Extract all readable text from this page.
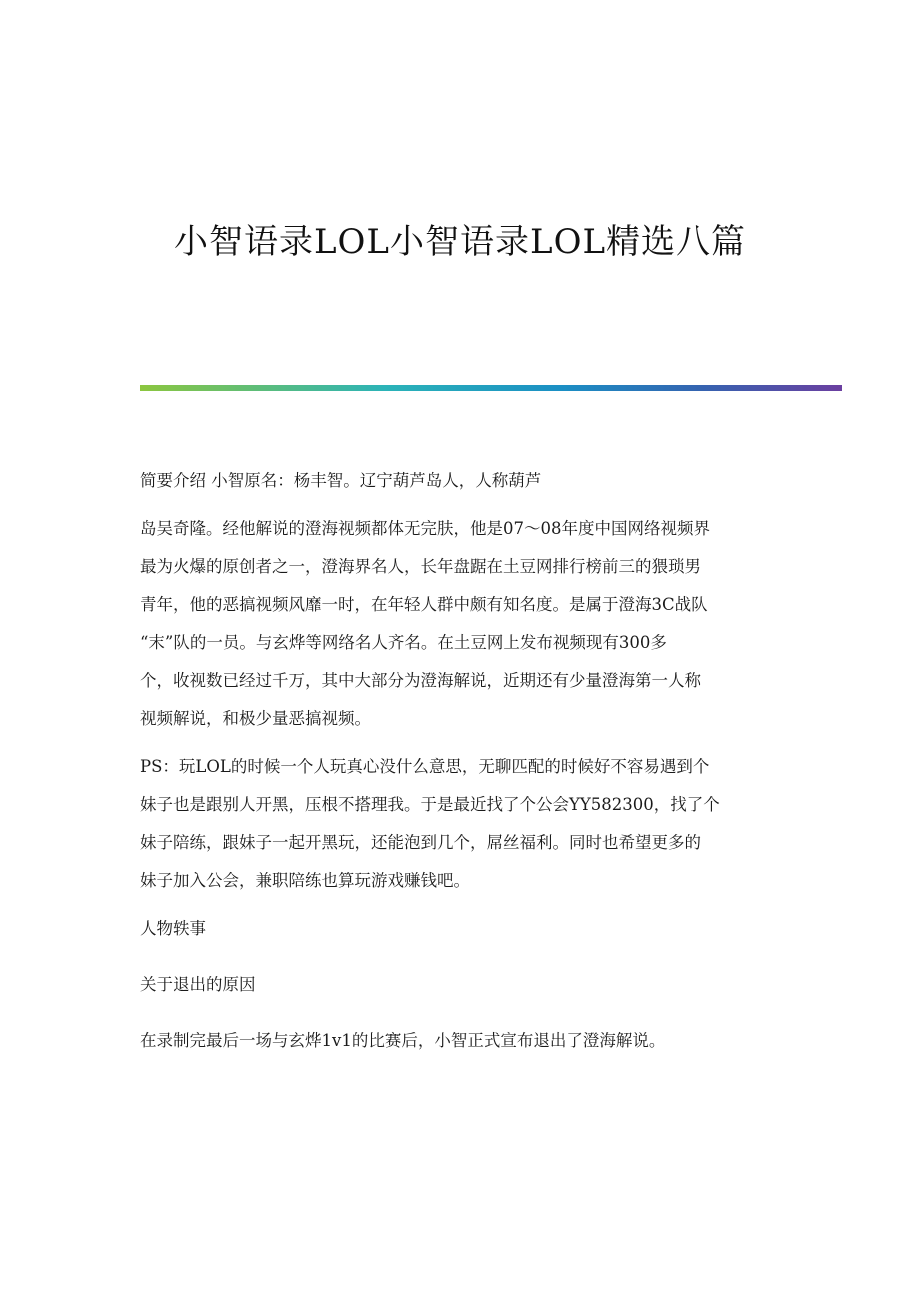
小智语录LOL小智语录LOL精选八篇

简要介绍 小智原名：杨丰智。辽宁葫芦岛人，人称葫芦

岛吴奇隆。经他解说的澄海视频都体无完肤，他是07～08年度中国网络视频界
最为火爆的原创者之一，澄海界名人，长年盘踞在土豆网排行榜前三的猥琐男
青年，他的恶搞视频风靡一时，在年轻人群中颇有知名度。是属于澄海3C战队
“末”队的一员。与玄烨等网络名人齐名。在土豆网上发布视频现有300多
个，收视数已经过千万，其中大部分为澄海解说，近期还有少量澄海第一人称
视频解说，和极少量恶搞视频。

PS：玩LOL的时候一个人玩真心没什么意思，无聊匹配的时候好不容易遇到个
妹子也是跟别人开黑，压根不搭理我。于是最近找了个公会YY582300，找了个
妹子陪练，跟妹子一起开黑玩，还能泡到几个，屌丝福利。同时也希望更多的
妹子加入公会，兼职陪练也算玩游戏赚钱吧。

人物轶事

关于退出的原因

在录制完最后一场与玄烨1v1的比赛后，小智正式宣布退出了澄海解说。
